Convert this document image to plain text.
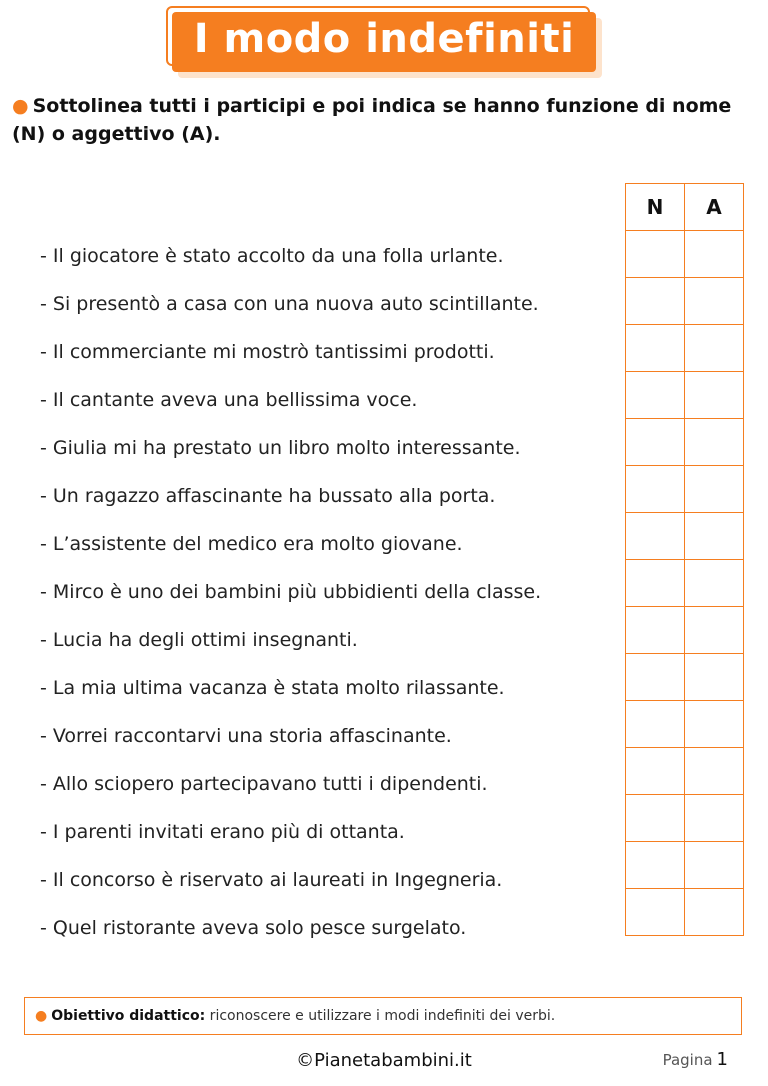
I modo indefiniti
● Sottolinea tutti i participi e poi indica se hanno funzione di nome (N) o aggettivo (A).
- Il giocatore è stato accolto da una folla urlante.
- Si presentò a casa con una nuova auto scintillante.
- Il commerciante mi mostrò tantissimi prodotti.
- Il cantante aveva una bellissima voce.
- Giulia mi ha prestato un libro molto interessante.
- Un ragazzo affascinante ha bussato alla porta.
- L’assistente del medico era molto giovane.
- Mirco è uno dei bambini più ubbidienti della classe.
- Lucia ha degli ottimi insegnanti.
- La mia ultima vacanza è stata molto rilassante.
- Vorrei raccontarvi una storia affascinante.
- Allo sciopero partecipavano tutti i dipendenti.
- I parenti invitati erano più di ottanta.
- Il concorso è riservato ai laureati in Ingegneria.
- Quel ristorante aveva solo pesce surgelato.
N	A

● Obiettivo didattico: riconoscere e utilizzare i modi indefiniti dei verbi.
©Pianetabambini.it	Pagina 1
